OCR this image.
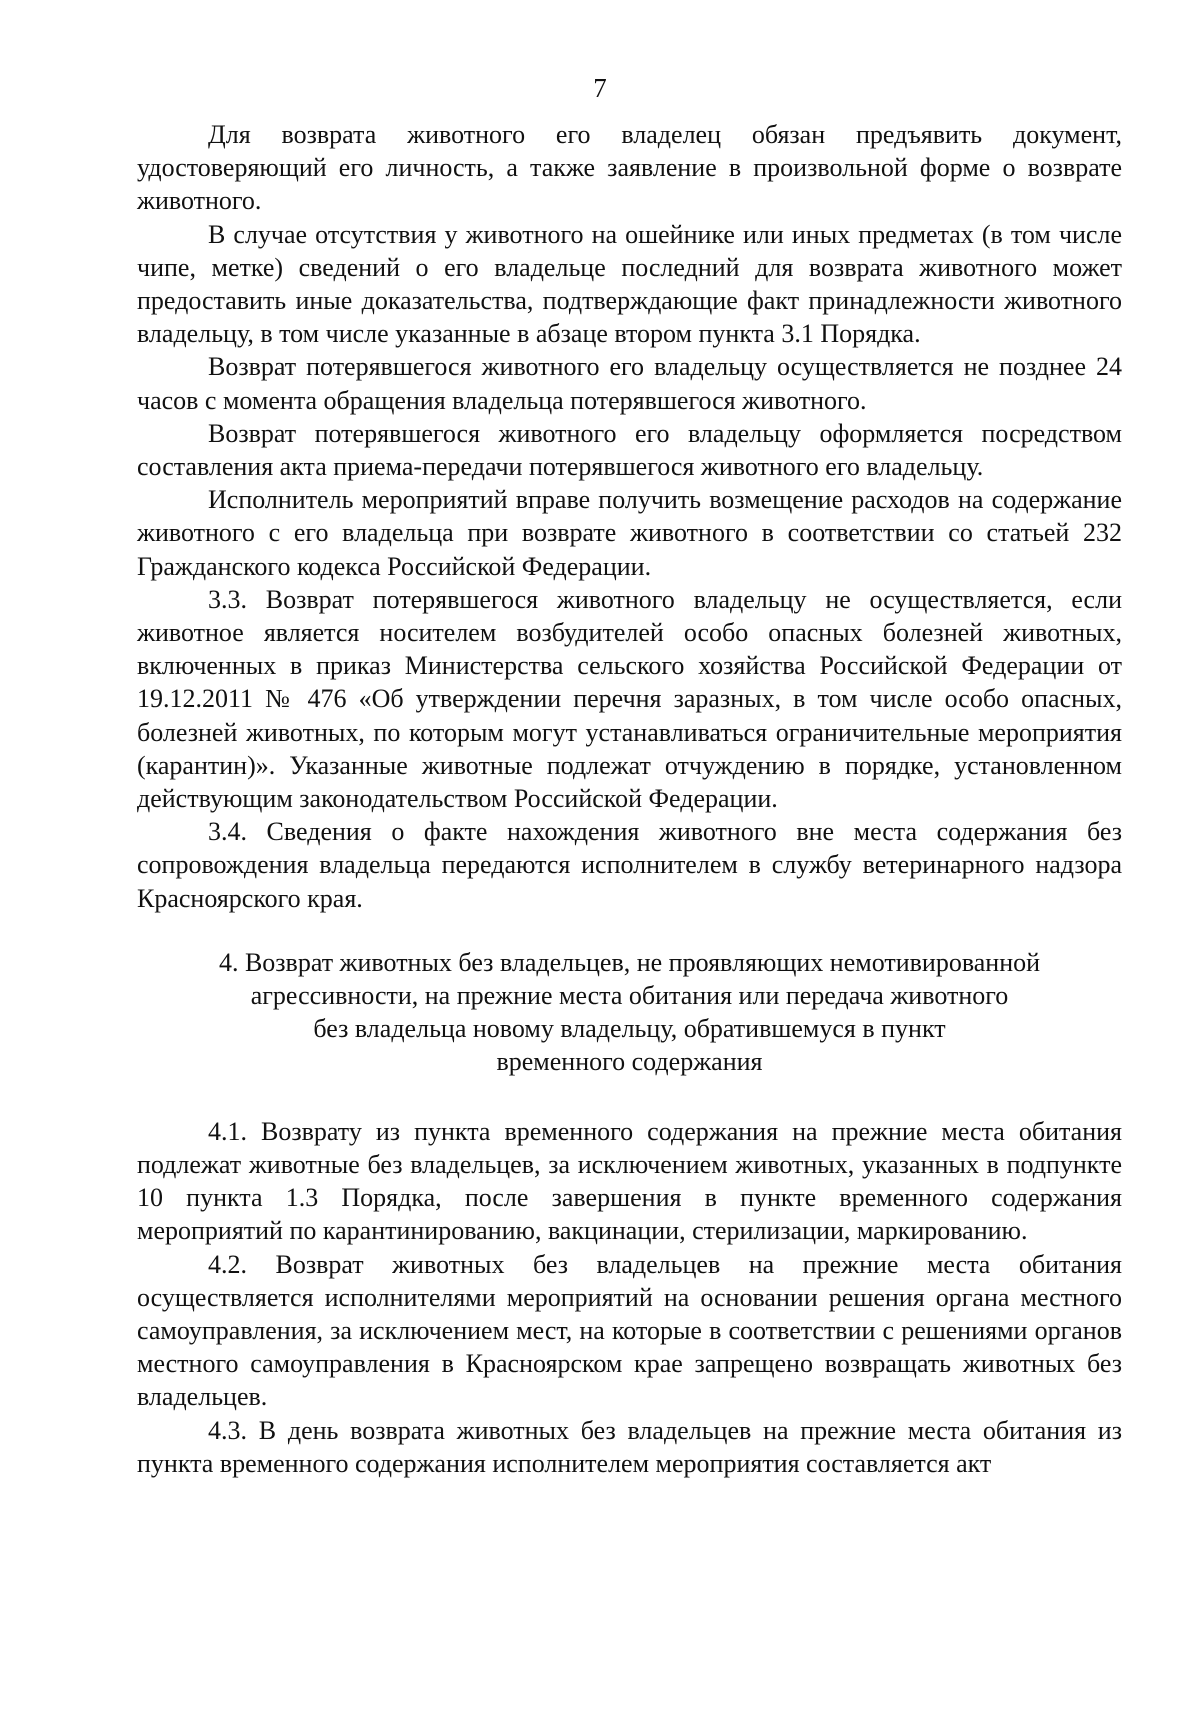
7

Для возврата животного его владелец обязан предъявить документ, удостоверяющий его личность, а также заявление в произвольной форме о возврате животного.

В случае отсутствия у животного на ошейнике или иных предметах (в том числе чипе, метке) сведений о его владельце последний для возврата животного может предоставить иные доказательства, подтверждающие факт принадлежности животного владельцу, в том числе указанные в абзаце втором пункта 3.1 Порядка.

Возврат потерявшегося животного его владельцу осуществляется не позднее 24 часов с момента обращения владельца потерявшегося животного.

Возврат потерявшегося животного его владельцу оформляется посредством составления акта приема-передачи потерявшегося животного его владельцу.

Исполнитель мероприятий вправе получить возмещение расходов на содержание животного с его владельца при возврате животного в соответствии со статьей 232 Гражданского кодекса Российской Федерации.

3.3. Возврат потерявшегося животного владельцу не осуществляется, если животное является носителем возбудителей особо опасных болезней животных, включенных в приказ Министерства сельского хозяйства Российской Федерации от 19.12.2011 № 476 «Об утверждении перечня заразных, в том числе особо опасных, болезней животных, по которым могут устанавливаться ограничительные мероприятия (карантин)». Указанные животные подлежат отчуждению в порядке, установленном действующим законодательством Российской Федерации.

3.4. Сведения о факте нахождения животного вне места содержания без сопровождения владельца передаются исполнителем в службу ветеринарного надзора Красноярского края.

4. Возврат животных без владельцев, не проявляющих немотивированной
агрессивности, на прежние места обитания или передача животного
без владельца новому владельцу, обратившемуся в пункт
временного содержания

4.1. Возврату из пункта временного содержания на прежние места обитания подлежат животные без владельцев, за исключением животных, указанных в подпункте 10 пункта 1.3 Порядка, после завершения в пункте временного содержания мероприятий по карантинированию, вакцинации, стерилизации, маркированию.

4.2. Возврат животных без владельцев на прежние места обитания осуществляется исполнителями мероприятий на основании решения органа местного самоуправления, за исключением мест, на которые в соответствии с решениями органов местного самоуправления в Красноярском крае запрещено возвращать животных без владельцев.

4.3. В день возврата животных без владельцев на прежние места обитания из пункта временного содержания исполнителем мероприятия составляется акт
